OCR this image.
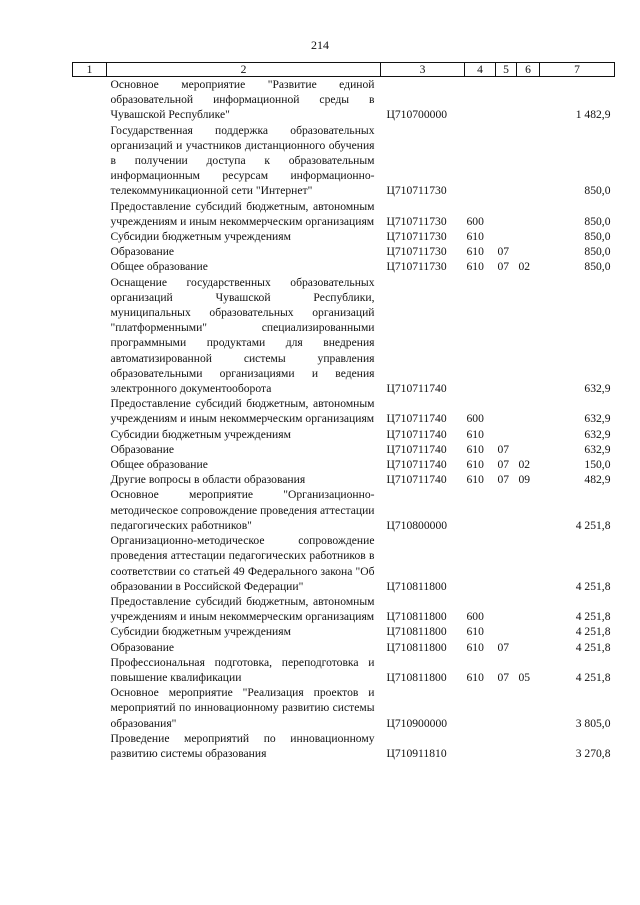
214
1	2	3	4	5	6	7
	Основное мероприятие "Развитие единой образовательной информационной среды в Чувашской Республике"	Ц710700000				1 482,9
	Государственная поддержка образовательных организаций и участников дистанционного обучения в получении доступа к образовательным информационным ресурсам информационно-телекоммуникационной сети "Интернет"	Ц710711730				850,0
	Предоставление субсидий бюджетным, автономным учреждениям и иным некоммерческим организациям	Ц710711730	600			850,0
	Субсидии бюджетным учреждениям	Ц710711730	610			850,0
	Образование	Ц710711730	610	07		850,0
	Общее образование	Ц710711730	610	07	02	850,0
	Оснащение государственных образовательных организаций Чувашской Республики, муниципальных образовательных организаций "платформенными" специализированными программными продуктами для внедрения автоматизированной системы управления образовательными организациями и ведения электронного документооборота	Ц710711740				632,9
	Предоставление субсидий бюджетным, автономным учреждениям и иным некоммерческим организациям	Ц710711740	600			632,9
	Субсидии бюджетным учреждениям	Ц710711740	610			632,9
	Образование	Ц710711740	610	07		632,9
	Общее образование	Ц710711740	610	07	02	150,0
	Другие вопросы в области образования	Ц710711740	610	07	09	482,9
	Основное мероприятие "Организационно-методическое сопровождение проведения аттестации педагогических работников"	Ц710800000				4 251,8
	Организационно-методическое сопровождение проведения аттестации педагогических работников в соответствии со статьей 49 Федерального закона "Об образовании в Российской Федерации"	Ц710811800				4 251,8
	Предоставление субсидий бюджетным, автономным учреждениям и иным некоммерческим организациям	Ц710811800	600			4 251,8
	Субсидии бюджетным учреждениям	Ц710811800	610			4 251,8
	Образование	Ц710811800	610	07		4 251,8
	Профессиональная подготовка, переподготовка и повышение квалификации	Ц710811800	610	07	05	4 251,8
	Основное мероприятие "Реализация проектов и мероприятий по инновационному развитию системы образования"	Ц710900000				3 805,0
	Проведение мероприятий по инновационному развитию системы образования	Ц710911810				3 270,8
